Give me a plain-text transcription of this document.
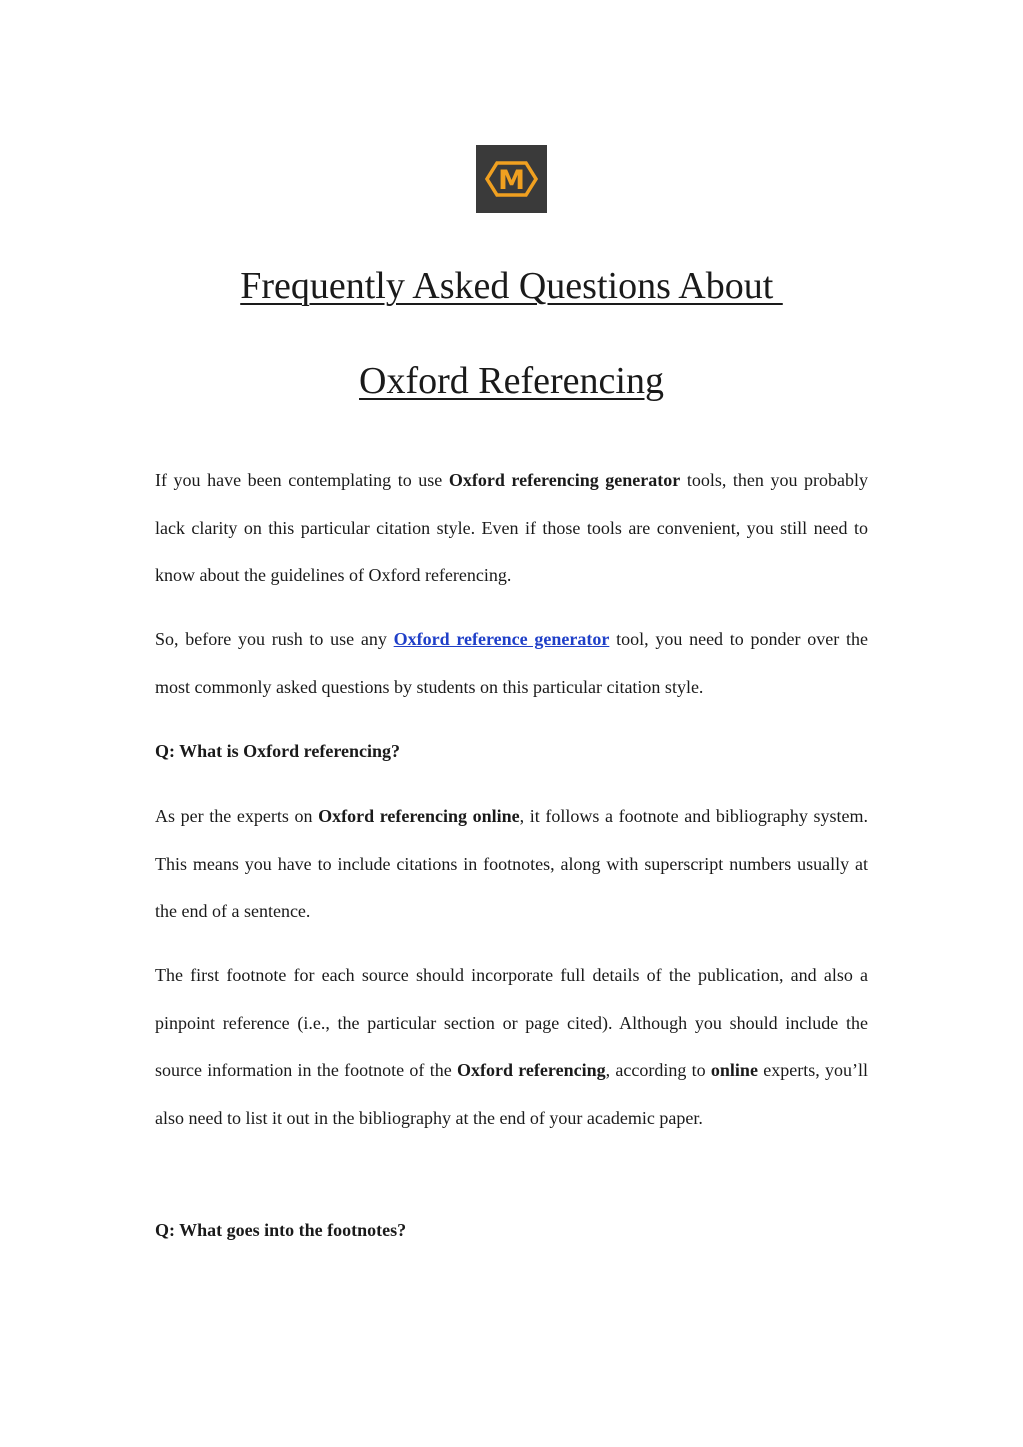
M
Frequently Asked Questions About
Oxford Referencing

If you have been contemplating to use Oxford referencing generator tools, then you probably lack clarity on this particular citation style. Even if those tools are convenient, you still need to know about the guidelines of Oxford referencing.

So, before you rush to use any Oxford reference generator tool, you need to ponder over the most commonly asked questions by students on this particular citation style.

Q: What is Oxford referencing?

As per the experts on Oxford referencing online, it follows a footnote and bibliography system. This means you have to include citations in footnotes, along with superscript numbers usually at the end of a sentence.

The first footnote for each source should incorporate full details of the publication, and also a pinpoint reference (i.e., the particular section or page cited). Although you should include the source information in the footnote of the Oxford referencing, according to online experts, you’ll also need to list it out in the bibliography at the end of your academic paper.

Q: What goes into the footnotes?
